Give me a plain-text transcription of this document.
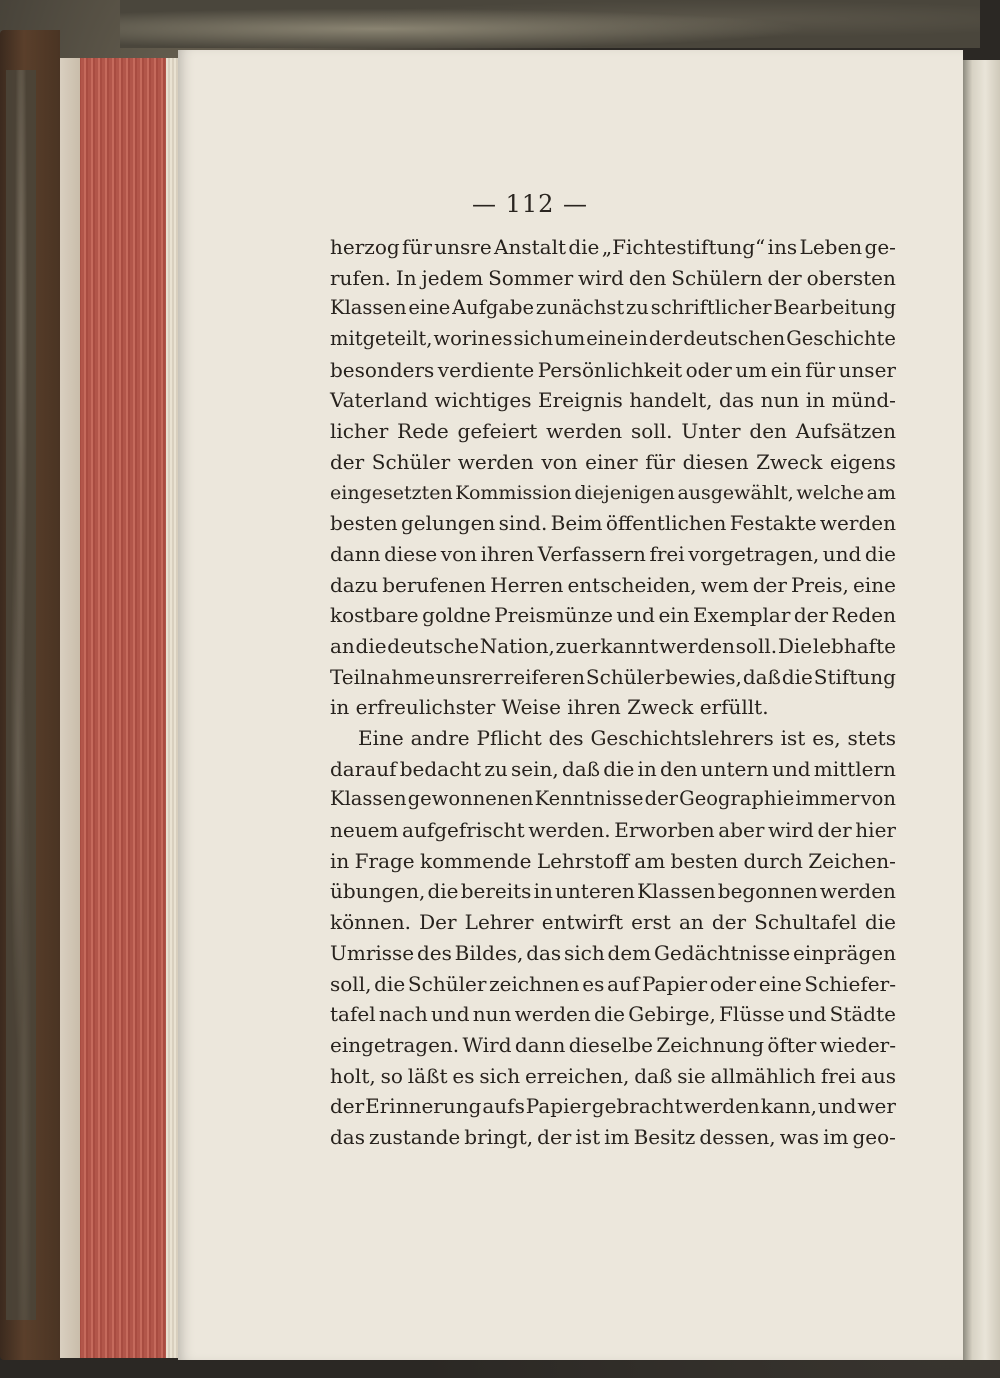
— 112 —
herzog für unsre Anstalt die „Fichtestiftung“ ins Leben ge-
rufen. In jedem Sommer wird den Schülern der obersten
Klassen eine Aufgabe zunächst zu schriftlicher Bearbeitung
mitgeteilt, worin es sich um eine in der deutschen Geschichte
besonders verdiente Persönlichkeit oder um ein für unser
Vaterland wichtiges Ereignis handelt, das nun in münd-
licher Rede gefeiert werden soll. Unter den Aufsätzen
der Schüler werden von einer für diesen Zweck eigens
eingesetzten Kommission diejenigen ausgewählt, welche am
besten gelungen sind. Beim öffentlichen Festakte werden
dann diese von ihren Verfassern frei vorgetragen, und die
dazu berufenen Herren entscheiden, wem der Preis, eine
kostbare goldne Preismünze und ein Exemplar der Reden
an die deutsche Nation, zuerkannt werden soll. Die lebhafte
Teilnahme unsrer reiferen Schüler bewies, daß die Stiftung
in erfreulichster Weise ihren Zweck erfüllt.
Eine andre Pflicht des Geschichtslehrers ist es, stets
darauf bedacht zu sein, daß die in den untern und mittlern
Klassen gewonnenen Kenntnisse der Geographie immer von
neuem aufgefrischt werden. Erworben aber wird der hier
in Frage kommende Lehrstoff am besten durch Zeichen-
übungen, die bereits in unteren Klassen begonnen werden
können. Der Lehrer entwirft erst an der Schultafel die
Umrisse des Bildes, das sich dem Gedächtnisse einprägen
soll, die Schüler zeichnen es auf Papier oder eine Schiefer-
tafel nach und nun werden die Gebirge, Flüsse und Städte
eingetragen. Wird dann dieselbe Zeichnung öfter wieder-
holt, so läßt es sich erreichen, daß sie allmählich frei aus
der Erinnerung aufs Papier gebracht werden kann, und wer
das zustande bringt, der ist im Besitz dessen, was im geo-
